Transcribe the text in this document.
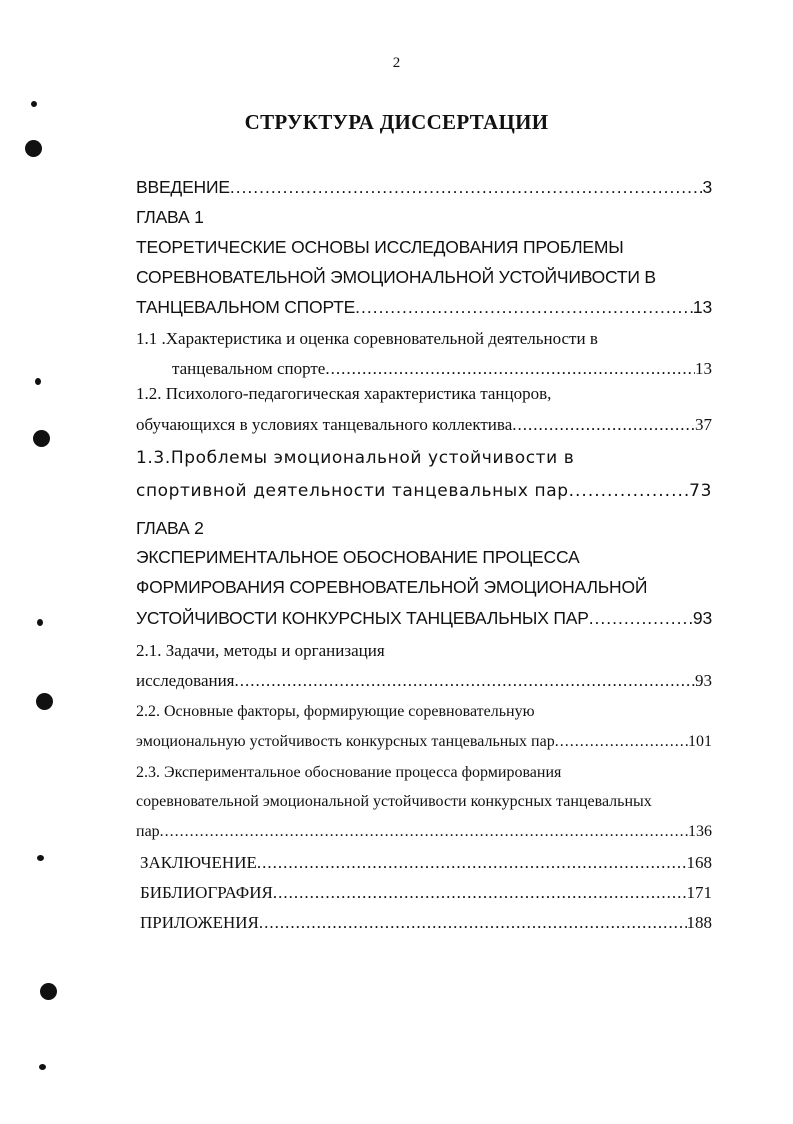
2
СТРУКТУРА ДИССЕРТАЦИИ
ВВЕДЕНИЕ .....	3
ГЛАВА 1
ТЕОРЕТИЧЕСКИЕ ОСНОВЫ ИССЛЕДОВАНИЯ ПРОБЛЕМЫ
СОРЕВНОВАТЕЛЬНОЙ ЭМОЦИОНАЛЬНОЙ УСТОЙЧИВОСТИ В
ТАНЦЕВАЛЬНОМ СПОРТЕ .....	13
1.1 .Характеристика и оценка соревновательной деятельности в
танцевальном спорте .....	13
1.2. Психолого-педагогическая характеристика танцоров,
обучающихся в условиях танцевального коллектива .....	37
1.3.Проблемы эмоциональной устойчивости в
спортивной деятельности танцевальных пар .....	73
ГЛАВА 2
ЭКСПЕРИМЕНТАЛЬНОЕ ОБОСНОВАНИЕ ПРОЦЕССА
ФОРМИРОВАНИЯ СОРЕВНОВАТЕЛЬНОЙ ЭМОЦИОНАЛЬНОЙ
УСТОЙЧИВОСТИ КОНКУРСНЫХ ТАНЦЕВАЛЬНЫХ ПАР .....	93
2.1. Задачи, методы и организация
исследования .....	93
2.2. Основные факторы, формирующие соревновательную
эмоциональную устойчивость конкурсных танцевальных пар .....	101
2.3. Экспериментальное обоснование процесса формирования
соревновательной эмоциональной устойчивости конкурсных танцевальных
пар .....	136
ЗАКЛЮЧЕНИЕ .....	168
БИБЛИОГРАФИЯ .....	171
ПРИЛОЖЕНИЯ .....	188
